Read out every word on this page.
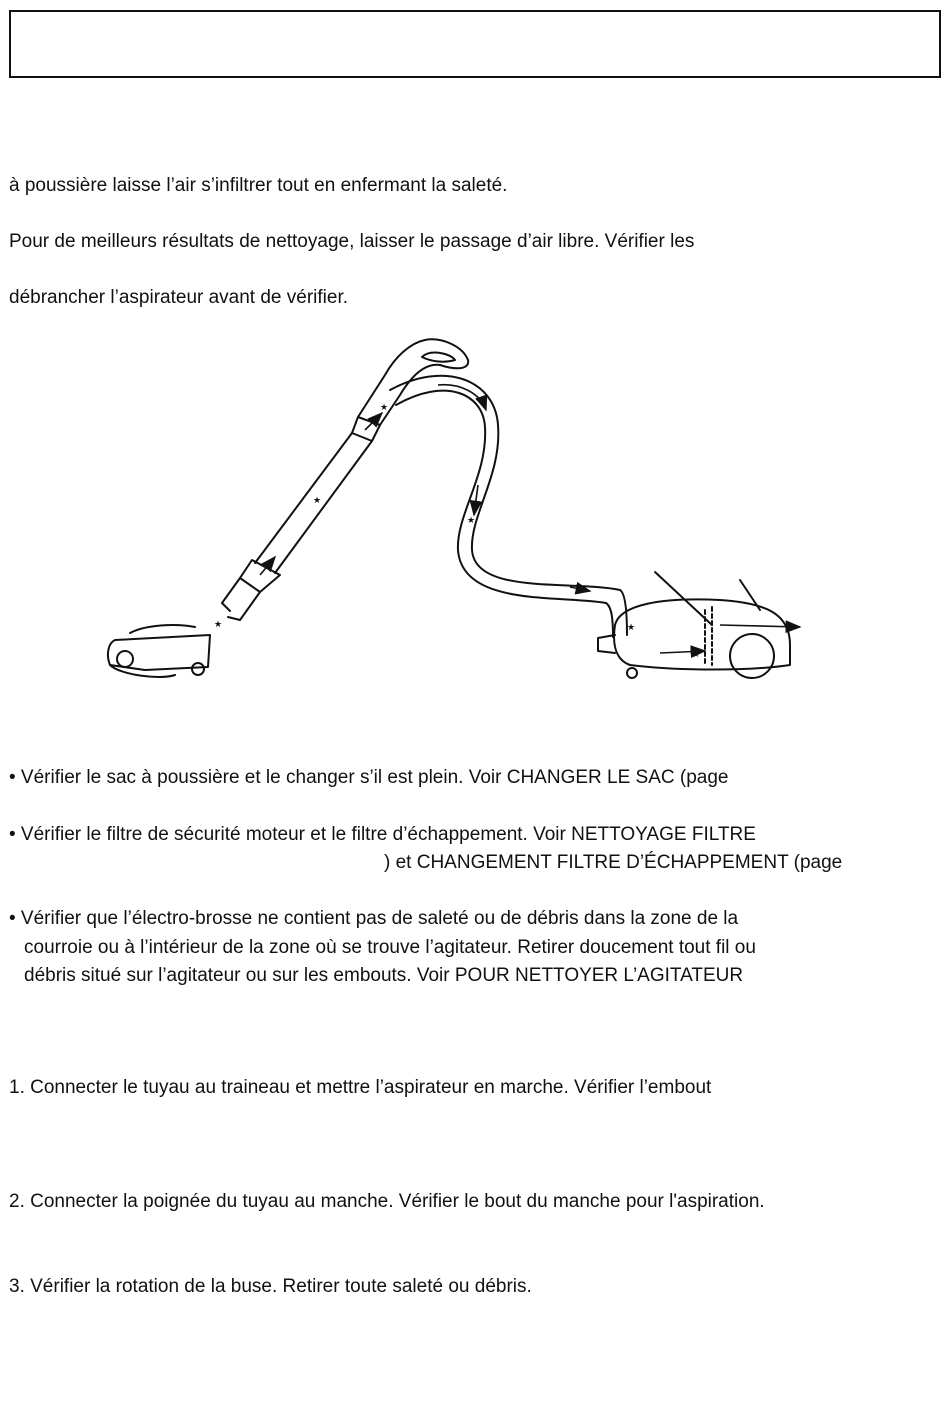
à poussière laisse l’air s’infiltrer tout en enfermant la saleté.
Pour de meilleurs résultats de nettoyage, laisser le passage d’air libre. Vérifier les
débrancher l’aspirateur avant de vérifier.
★
★
★
★	★
★
• Vérifier le sac à poussière et le changer s’il est plein. Voir CHANGER LE SAC (page
• Vérifier le filtre de sécurité moteur et le filtre d’échappement. Voir NETTOYAGE FILTRE
) et CHANGEMENT FILTRE D’ÉCHAPPEMENT (page
• Vérifier que l’électro-brosse ne contient pas de saleté ou de débris dans la zone de la
courroie ou à l’intérieur de la zone où se trouve l’agitateur. Retirer doucement tout fil ou
débris situé sur l’agitateur ou sur les embouts. Voir POUR NETTOYER L’AGITATEUR
1. Connecter le tuyau au traineau et mettre l’aspirateur en marche. Vérifier l’embout
2. Connecter la poignée du tuyau au manche. Vérifier le bout du manche pour l'aspiration.
3. Vérifier la rotation de la buse. Retirer toute saleté ou débris.
